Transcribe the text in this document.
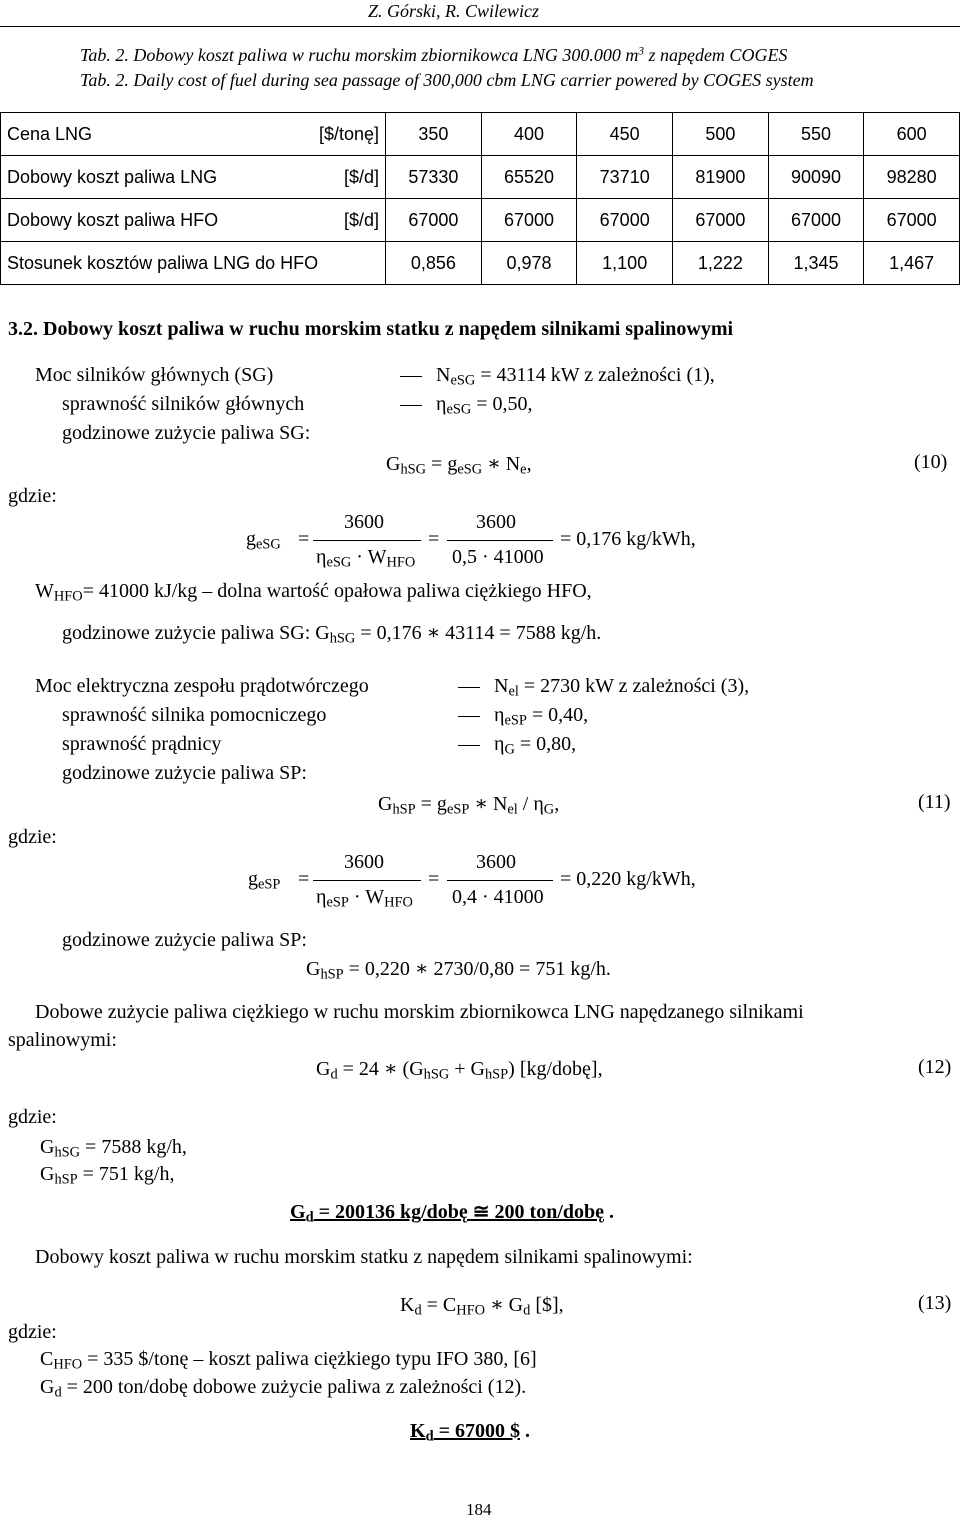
Z. Górski, R. Cwilewicz
Tab. 2. Dobowy koszt paliwa w ruchu morskim zbiornikowca LNG 300.000 $m^3$ z napędem COGES
Tab. 2. Daily cost of fuel during sea passage of 300,000 cbm LNG carrier powered by COGES system
Cena LNG	[$/tonę]	350	400	450	500	550	600
Dobowy koszt paliwa LNG	[$/d]	57330	65520	73710	81900	90090	98280
Dobowy koszt paliwa HFO	[$/d]	67000	67000	67000	67000	67000	67000
Stosunek kosztów paliwa LNG do HFO		0,856	0,978	1,100	1,222	1,345	1,467
3.2. Dobowy koszt paliwa w ruchu morskim statku z napędem silnikami spalinowymi
Moc silników głównych (SG)	$N_{eSG} = 43114$ kW z zależności (1),
sprawność silników głównych	$\eta_{eSG} = 0,50$,
godzinowe zużycie paliwa SG:
$G_{hSG} = g_{eSG}$ ∗ $N_e$,	(10)
gdzie:
$g_{eSG}$ =
3600
$\eta_{eSG} \cdot W_{HFO}$
=
3600
0,5 · 41000
= 0,176 kg/kWh,
$W_{HFO}= 41000$ kJ/kg – dolna wartość opałowa paliwa ciężkiego HFO,
godzinowe zużycie paliwa SG: $G_{hSG} = 0,176$ ∗ 43114 = 7588 kg/h.
Moc elektryczna zespołu prądotwórczego	$N_{el} = 2730$ kW z zależności (3),
sprawność silnika pomocniczego	$\eta_{eSP} = 0,40$,
sprawność prądnicy	$\eta_G = 0,80$,
godzinowe zużycie paliwa SP:
$G_{hSP} = g_{eSP}$ ∗ $N_{el} / \eta_G$,	(11)
gdzie:
$g_{eSP}$ =
3600
$\eta_{eSP} \cdot W_{HFO}$
=
3600
0,4 · 41000
= 0,220 kg/kWh,
godzinowe zużycie paliwa SP:
$G_{hSP} = 0,220$ ∗ 2730/0,80 = 751 kg/h.
Dobowe zużycie paliwa ciężkiego w ruchu morskim zbiornikowca LNG napędzanego silnikami
spalinowymi:
$G_d = 24$ ∗ $(G_{hSG} + G_{hSP})$ [kg/dobę],	(12)
gdzie:
$G_{hSG} = 7588$ kg/h,
$G_{hSP} = 751$ kg/h,
$G_d = 200136$ kg/dobę ≅ 200 ton/dobę .
Dobowy koszt paliwa w ruchu morskim statku z napędem silnikami spalinowymi:
$K_d = C_{HFO}$ ∗ $G_d$ [$],	(13)
gdzie:
$C_{HFO} = 335$ $/tonę – koszt paliwa ciężkiego typu IFO 380, [6]
$G_d = 200$ ton/dobę dobowe zużycie paliwa z zależności (12).
$K_d = 67000$ $ .
184
